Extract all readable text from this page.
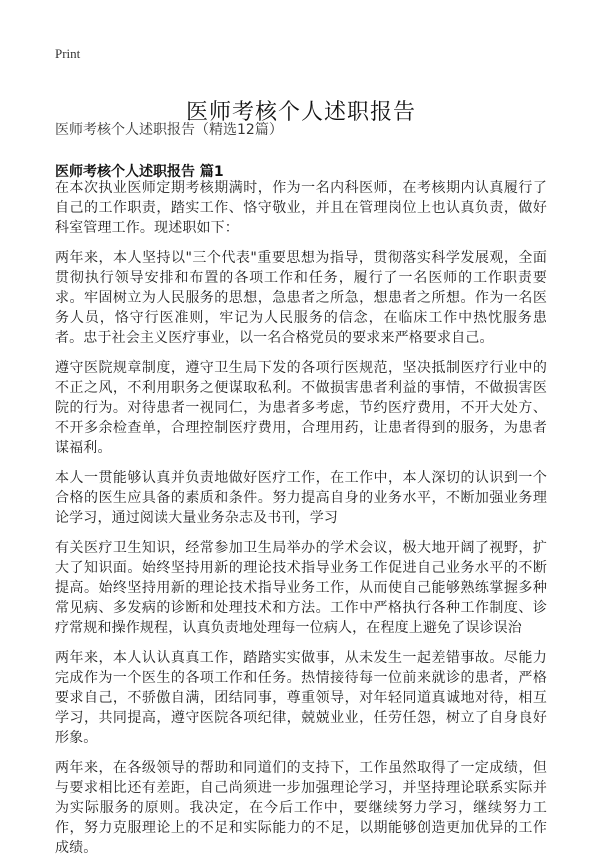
Print
医师考核个人述职报告
医师考核个人述职报告（精选12篇）
医师考核个人述职报告 篇1

在本次执业医师定期考核期满时，作为一名内科医师，在考核期内认真履行了自己的工作职责，踏实工作、恪守敬业，并且在管理岗位上也认真负责，做好科室管理工作。现述职如下：

两年来，本人坚持以"三个代表"重要思想为指导，贯彻落实科学发展观，全面贯彻执行领导安排和布置的各项工作和任务，履行了一名医师的工作职责要求。牢固树立为人民服务的思想，急患者之所急，想患者之所想。作为一名医务人员，恪守行医准则，牢记为人民服务的信念，在临床工作中热忱服务患者。忠于社会主义医疗事业，以一名合格党员的要求来严格要求自己。

遵守医院规章制度，遵守卫生局下发的各项行医规范，坚决抵制医疗行业中的不正之风，不利用职务之便谋取私利。不做损害患者利益的事情，不做损害医院的行为。对待患者一视同仁，为患者多考虑，节约医疗费用，不开大处方、不开多余检查单，合理控制医疗费用，合理用药，让患者得到的服务，为患者谋福利。

本人一贯能够认真并负责地做好医疗工作，在工作中，本人深切的认识到一个合格的医生应具备的素质和条件。努力提高自身的业务水平，不断加强业务理论学习，通过阅读大量业务杂志及书刊，学习

有关医疗卫生知识，经常参加卫生局举办的学术会议，极大地开阔了视野，扩大了知识面。始终坚持用新的理论技术指导业务工作促进自己业务水平的不断提高。始终坚持用新的理论技术指导业务工作，从而使自己能够熟练掌握多种常见病、多发病的诊断和处理技术和方法。工作中严格执行各种工作制度、诊疗常规和操作规程，认真负责地处理每一位病人，在程度上避免了误诊误治

两年来，本人认认真真工作，踏踏实实做事，从未发生一起差错事故。尽能力完成作为一个医生的各项工作和任务。热情接待每一位前来就诊的患者，严格要求自己，不骄傲自满，团结同事，尊重领导，对年轻同道真诚地对待，相互学习，共同提高，遵守医院各项纪律，兢兢业业，任劳任怨，树立了自身良好形象。

两年来，在各级领导的帮助和同道们的支持下，工作虽然取得了一定成绩，但与要求相比还有差距，自己尚须进一步加强理论学习，并坚持理论联系实际并为实际服务的原则。我决定，在今后工作中，要继续努力学习，继续努力工作，努力克服理论上的不足和实际能力的不足，以期能够创造更加优异的工作成绩。
